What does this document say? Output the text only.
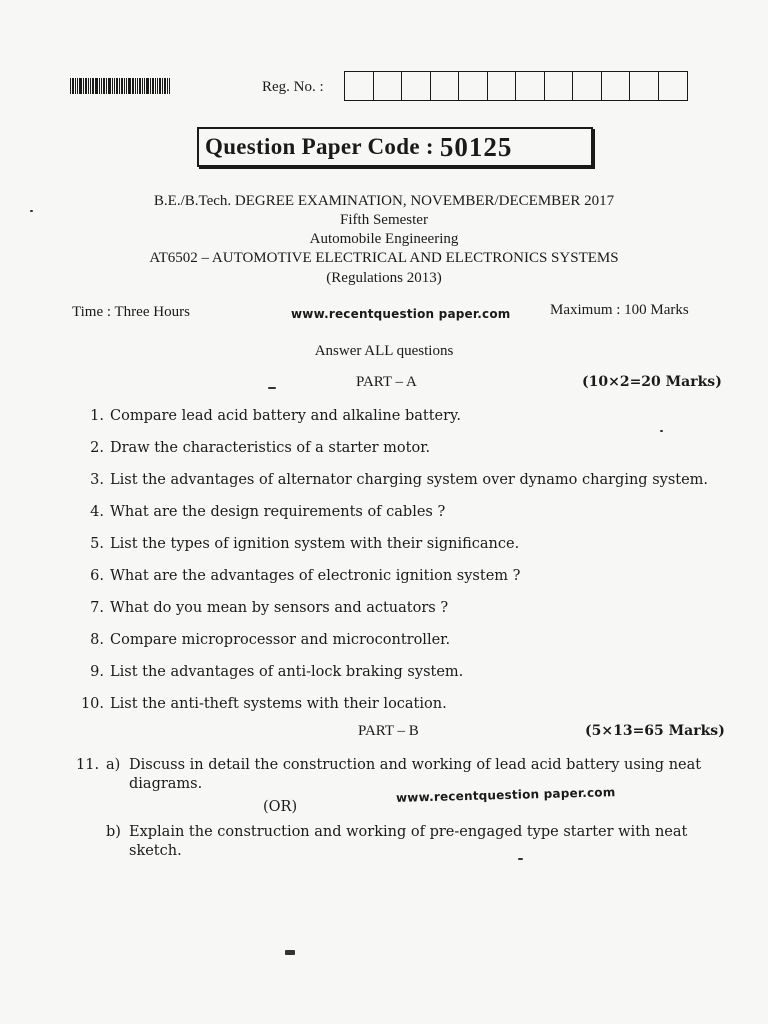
Reg. No. :
Question Paper Code : 50125
B.E./B.Tech. DEGREE EXAMINATION, NOVEMBER/DECEMBER 2017
Fifth Semester
Automobile Engineering
AT6502 – AUTOMOTIVE ELECTRICAL AND ELECTRONICS SYSTEMS
(Regulations 2013)
Time : Three Hours	www.recentquestion paper.com	Maximum : 100 Marks
Answer ALL questions
PART – A	(10×2=20 Marks)
1. Compare lead acid battery and alkaline battery.
2. Draw the characteristics of a starter motor.
3. List the advantages of alternator charging system over dynamo charging system.
4. What are the design requirements of cables ?
5. List the types of ignition system with their significance.
6. What are the advantages of electronic ignition system ?
7. What do you mean by sensors and actuators ?
8. Compare microprocessor and microcontroller.
9. List the advantages of anti-lock braking system.
10. List the anti-theft systems with their location.
PART – B	(5×13=65 Marks)
11. a) Discuss in detail the construction and working of lead acid battery using neat
diagrams.
(OR)
www.recentquestion paper.com
b) Explain the construction and working of pre-engaged type starter with neat
sketch.
